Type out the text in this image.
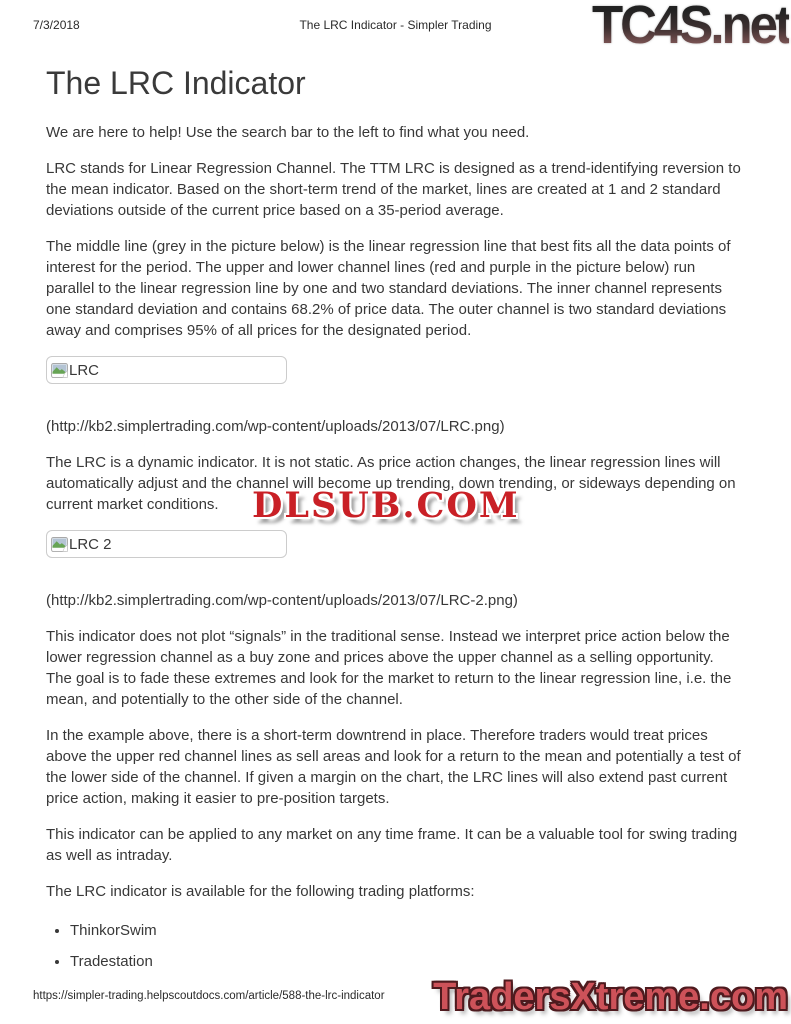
7/3/2018	The LRC Indicator - Simpler Trading	TC4S.net
The LRC Indicator

We are here to help! Use the search bar to the left to find what you need.

LRC stands for Linear Regression Channel. The TTM LRC is designed as a trend-identifying reversion to the mean indicator. Based on the short-term trend of the market, lines are created at 1 and 2 standard deviations outside of the current price based on a 35-period average.

The middle line (grey in the picture below) is the linear regression line that best fits all the data points of interest for the period. The upper and lower channel lines (red and purple in the picture below) run parallel to the linear regression line by one and two standard deviations. The inner channel represents one standard deviation and contains 68.2% of price data. The outer channel is two standard deviations away and comprises 95% of all prices for the designated period.

LRC

(http://kb2.simplertrading.com/wp-content/uploads/2013/07/LRC.png)

The LRC is a dynamic indicator. It is not static. As price action changes, the linear regression lines will automatically adjust and the channel will become up trending, down trending, or sideways depending on current market conditions.

LRC 2

(http://kb2.simplertrading.com/wp-content/uploads/2013/07/LRC-2.png)

This indicator does not plot “signals” in the traditional sense. Instead we interpret price action below the lower regression channel as a buy zone and prices above the upper channel as a selling opportunity. The goal is to fade these extremes and look for the market to return to the linear regression line, i.e. the mean, and potentially to the other side of the channel.

In the example above, there is a short-term downtrend in place. Therefore traders would treat prices above the upper red channel lines as sell areas and look for a return to the mean and potentially a test of the lower side of the channel. If given a margin on the chart, the LRC lines will also extend past current price action, making it easier to pre-position targets.

This indicator can be applied to any market on any time frame. It can be a valuable tool for swing trading as well as intraday.

The LRC indicator is available for the following trading platforms:

• ThinkorSwim
• Tradestation
DLSUB.COM
TradersXtreme.com
https://simpler-trading.helpscoutdocs.com/article/588-the-lrc-indicator
